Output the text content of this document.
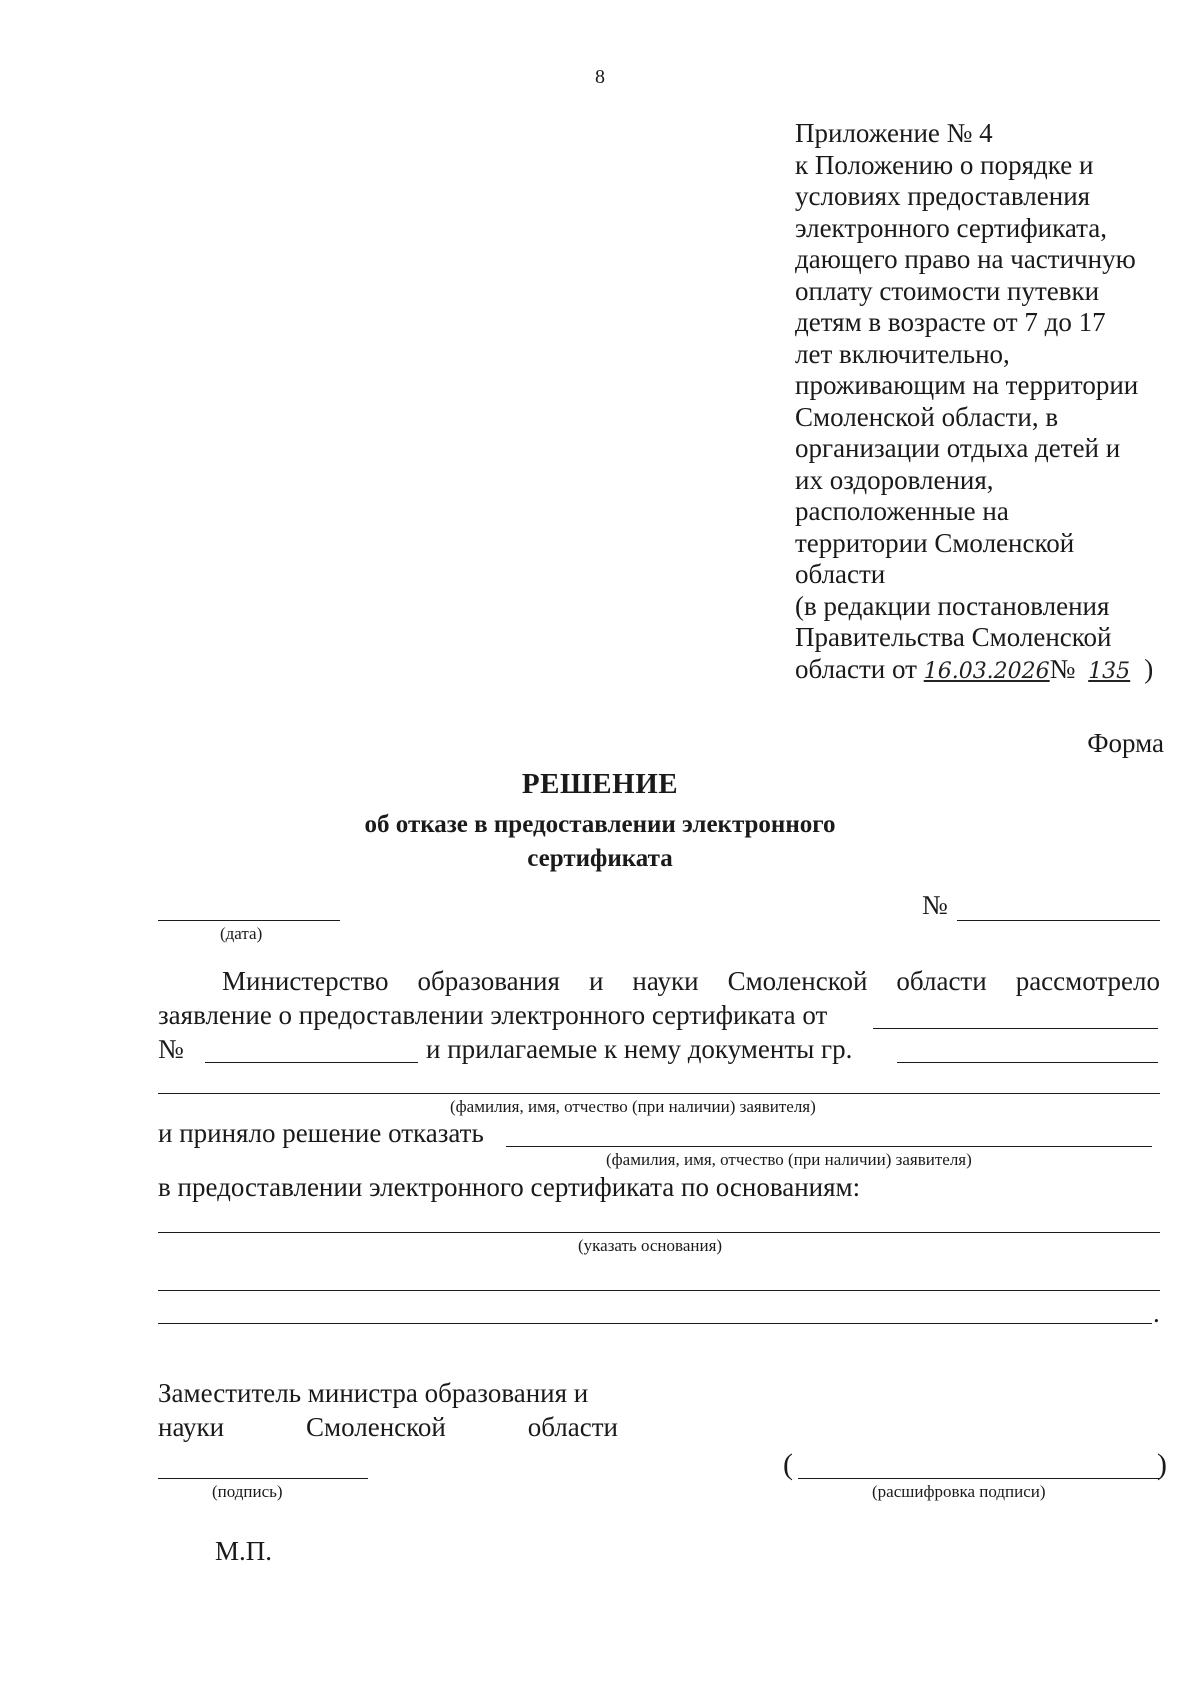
8
Приложение № 4
к Положению о порядке и
условиях предоставления
электронного сертификата,
дающего право на частичную
оплату стоимости путевки
детям в возрасте от 7 до 17
лет включительно,
проживающим на территории
Смоленской области, в
организации отдыха детей и
их оздоровления,
расположенные на
территории Смоленской
области
(в редакции постановления
Правительства Смоленской
области от 16.03.2026№ 135 )
Форма
РЕШЕНИЕ
об отказе в предоставлении электронного
сертификата
(дата)
№
Министерство образования и науки Смоленской области рассмотрело
заявление о предоставлении электронного сертификата от
№	и прилагаемые к нему документы гр.
(фамилия, имя, отчество (при наличии) заявителя)
и приняло решение отказать
(фамилия, имя, отчество (при наличии) заявителя)
в предоставлении электронного сертификата по основаниям:
(указать основания)
.
Заместитель министра образования и
науки	Смоленской	области
(подпись)
(	)
(расшифровка подписи)
М.П.
